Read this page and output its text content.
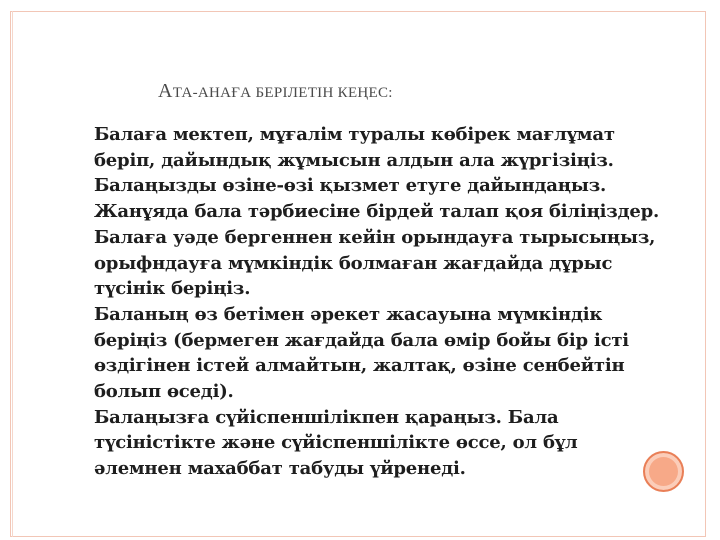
АТА-АНАҒА БЕРІЛЕТІН КЕҢЕС:
Балаға мектеп, мұғалім туралы көбірек мағлұмат
беріп, дайындық жұмысын алдын ала жүргізіңіз.
Балаңызды өзіне-өзі қызмет етуге дайындаңыз.
Жанұяда бала тәрбиесіне бірдей талап қоя біліңіздер.
Балаға уәде бергеннен кейін орындауға тырысыңыз,
орыфндауға мүмкіндік болмаған жағдайда дұрыс
түсінік беріңіз.
Баланың өз бетімен әрекет жасауына мүмкіндік
беріңіз (бермеген жағдайда бала өмір бойы бір істі
өздігінен істей алмайтын, жалтақ, өзіне сенбейтін
болып өседі).
Балаңызға сүйіспеншілікпен қараңыз. Бала
түсіністікте және сүйіспеншілікте өссе, ол бұл
әлемнен махаббат табуды үйренеді.
